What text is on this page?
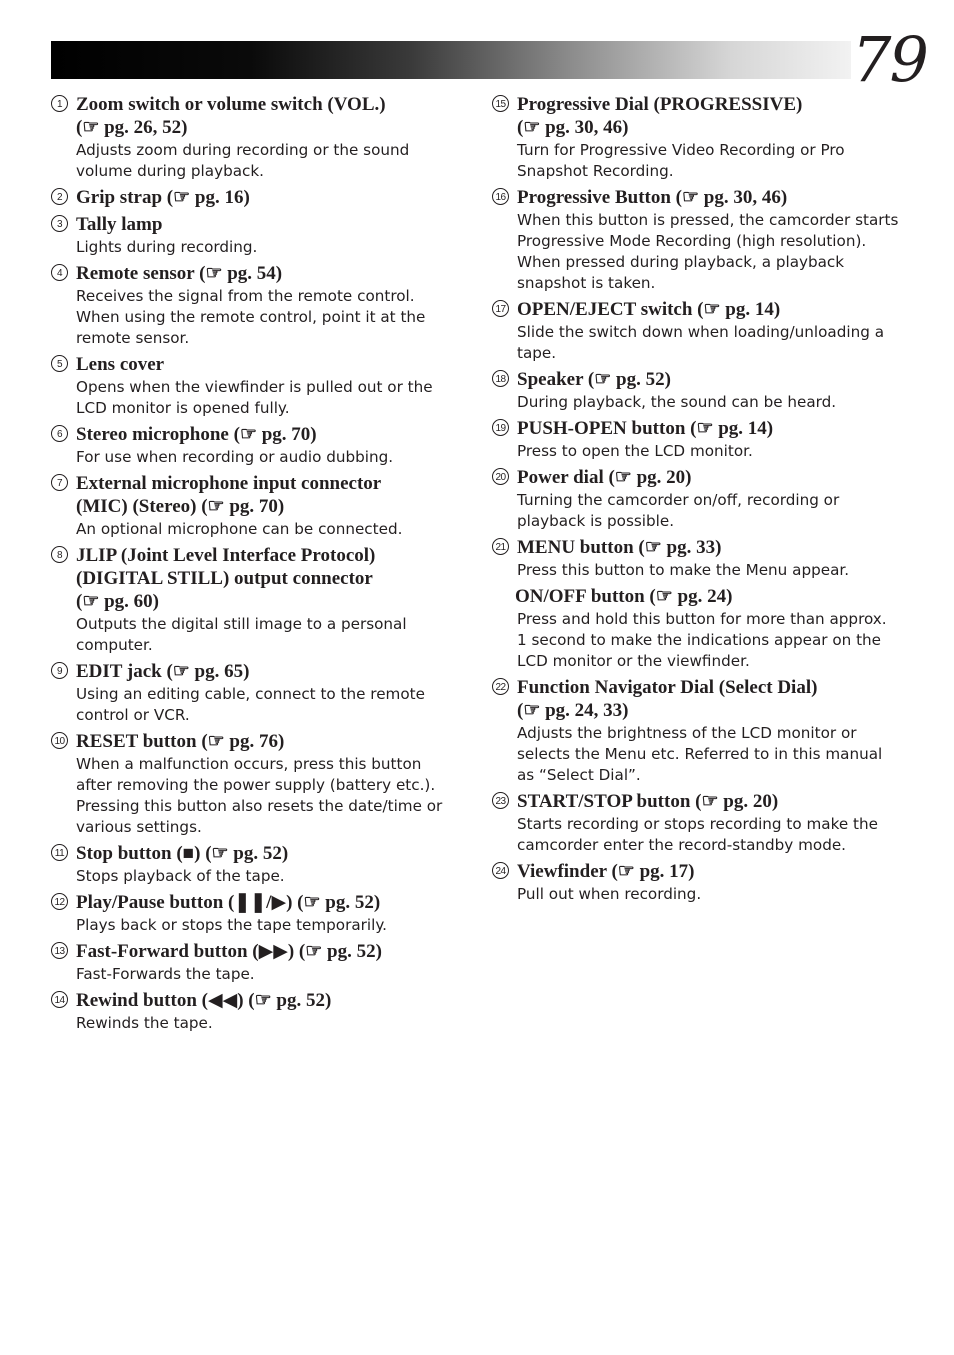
79
1 Zoom switch or volume switch (VOL.)
(☞ pg. 26, 52)
Adjusts zoom during recording or the sound
volume during playback.
2 Grip strap (☞ pg. 16)
3 Tally lamp
Lights during recording.
4 Remote sensor (☞ pg. 54)
Receives the signal from the remote control.
When using the remote control, point it at the
remote sensor.
5 Lens cover
Opens when the viewfinder is pulled out or the
LCD monitor is opened fully.
6 Stereo microphone (☞ pg. 70)
For use when recording or audio dubbing.
7 External microphone input connector
(MIC) (Stereo) (☞ pg. 70)
An optional microphone can be connected.
8 JLIP (Joint Level Interface Protocol)
(DIGITAL STILL) output connector
(☞ pg. 60)
Outputs the digital still image to a personal
computer.
9 EDIT jack (☞ pg. 65)
Using an editing cable, connect to the remote
control or VCR.
10 RESET button (☞ pg. 76)
When a malfunction occurs, press this button
after removing the power supply (battery etc.).
Pressing this button also resets the date/time or
various settings.
11 Stop button (■) (☞ pg. 52)
Stops playback of the tape.
12 Play/Pause button (❚❚/▶) (☞ pg. 52)
Plays back or stops the tape temporarily.
13 Fast-Forward button (▶▶) (☞ pg. 52)
Fast-Forwards the tape.
14 Rewind button (◀◀) (☞ pg. 52)
Rewinds the tape.
15 Progressive Dial (PROGRESSIVE)
(☞ pg. 30, 46)
Turn for Progressive Video Recording or Pro
Snapshot Recording.
16 Progressive Button (☞ pg. 30, 46)
When this button is pressed, the camcorder starts
Progressive Mode Recording (high resolution).
When pressed during playback, a playback
snapshot is taken.
17 OPEN/EJECT switch (☞ pg. 14)
Slide the switch down when loading/unloading a
tape.
18 Speaker (☞ pg. 52)
During playback, the sound can be heard.
19 PUSH-OPEN button (☞ pg. 14)
Press to open the LCD monitor.
20 Power dial (☞ pg. 20)
Turning the camcorder on/off, recording or
playback is possible.
21 MENU button (☞ pg. 33)
Press this button to make the Menu appear.
ON/OFF button (☞ pg. 24)
Press and hold this button for more than approx.
1 second to make the indications appear on the
LCD monitor or the viewfinder.
22 Function Navigator Dial (Select Dial)
(☞ pg. 24, 33)
Adjusts the brightness of the LCD monitor or
selects the Menu etc. Referred to in this manual
as “Select Dial”.
23 START/STOP button (☞ pg. 20)
Starts recording or stops recording to make the
camcorder enter the record-standby mode.
24 Viewfinder (☞ pg. 17)
Pull out when recording.
